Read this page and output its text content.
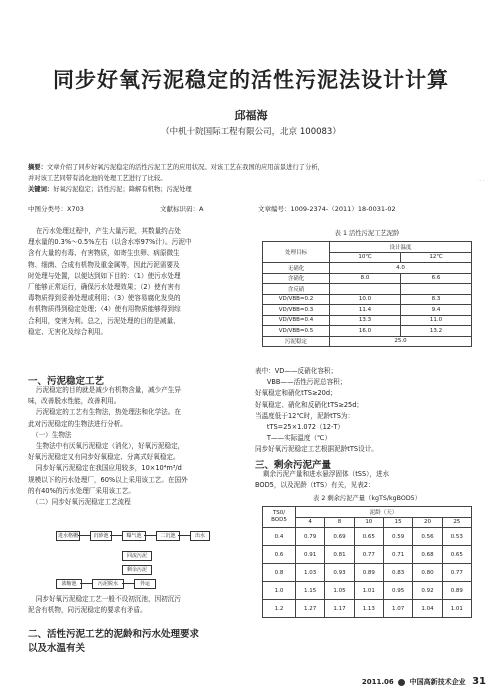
同步好氧污泥稳定的活性污泥法设计计算
邱福海
（中机十院国际工程有限公司，北京 100083）
· · ·
摘要：文章介绍了同步好氧污泥稳定的活性污泥工艺的应用状况。对该工艺在我国的应用前景进行了分析，
并对该工艺同带有消化池的处理工艺进行了比较。
关键词：好氧污泥稳定；活性污泥；降解有机物；污泥处理
中图分类号：X703	文献标识码：A	文章编号：1009-2374-（2011）18-0031-02
在污水处理过程中，产生大量污泥，其数量约占处
理水量的0.3%～0.5%左右（以含水率97%计）。污泥中
含有大量的有毒、有害物质，如寄生虫卵、病原微生
物、细菌、合成有机物及重金属等，因此污泥需要及
时处理与处置，以便达到如下目的：（1）使污水处理
厂能够正常运行，确保污水处理效果；（2）使有害有
毒物质得到妥善处理或利用；（3）使容易腐化发臭的
有机物质得到稳定处理；（4）使有用物质能够得到综
合利用，变害为利。总之，污泥处理的目的是减量、
稳定、无害化及综合利用。
一、污泥稳定工艺
污泥稳定的目的就是减少有机物含量，减少产生异
味，改善脱水性能，改善利用。
污泥稳定的工艺有生物法，热处理法和化学法。在
此对污泥稳定的生物法进行分析。
（一）生物法
生物法中有厌氧污泥稳定（消化），好氧污泥稳定，
好氧污泥稳定又有同步好氧稳定、分离式好氧稳定。
同步好氧污泥稳定在我国应用较多，10×10⁴m³/d
规模以下的污水处理厂，60%以上采用该工艺。在国外
的有40%的污水处理厂采用该工艺。
（二）同步好氧污泥稳定工艺流程
进水格栅	沉砂池	曝气池	二沉池	出水
回流污泥
剩余污泥
浓缩池	污泥脱水	外运
同步好氧污泥稳定工艺一般不设初沉池，因初沉污
泥含有机物，同污泥稳定的要求有矛盾。
二、活性污泥工艺的泥龄和污水处理要求
以及水温有关
表 1 活性污泥工艺泥龄
处理目标	设计温度	
	10℃	12℃
无硝化	4.0	
含硝化	8.0	6.6
含反硝		
VD/VBB=0.2	10.0	8.3
VD/VBB=0.3	11.4	9.4
VD/VBB=0.4	13.3	11.0
VD/VBB=0.5	16.0	13.2
污泥稳定	25.0	
表中：VD——反硝化容积；
VBB——活性污泥总容积；
好氧稳定和硝化tTS≥20d；
好氧稳定、硝化和反硝化tTS≥25d；
当温度低于12℃时，泥龄tTS为：
tTS=25×1.072（12-T）
T——实际温度（℃）
同步好氧污泥稳定工艺根据泥龄tTS设计。
三、剩余污泥产量
剩余污泥产量和进水悬浮固体（tSS），进水
BOD5，以及泥龄（tTS）有关，见表2：
表 2 剩余污泥产量（kgTS/kgBOD5）
TS0/
BOD5	泥龄（天）					
	4	8	10	15	20	25
0.4	0.79	0.69	0.65	0.59	0.56	0.53
0.6	0.91	0.81	0.77	0.71	0.68	0.65
0.8	1.03	0.93	0.89	0.83	0.80	0.77
1.0	1.15	1.05	1.01	0.95	0.92	0.89
1.2	1.27	1.17	1.13	1.07	1.04	1.01
2011.06 中国高新技术企业 31
